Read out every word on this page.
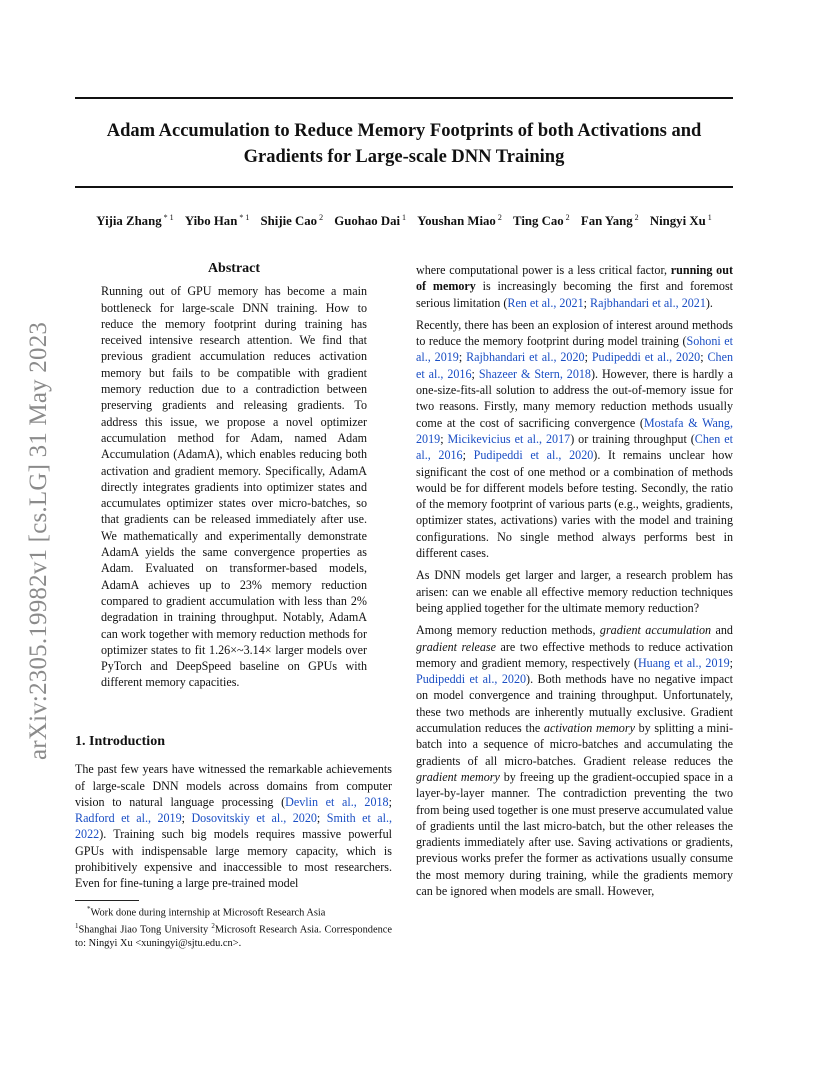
Adam Accumulation to Reduce Memory Footprints of both Activations and Gradients for Large-scale DNN Training
Yijia Zhang $^{* 1}$ Yibo Han $^{* 1}$ Shijie Cao $^2$ Guohao Dai $^1$ Youshan Miao $^2$ Ting Cao $^2$ Fan Yang $^2$ Ningyi Xu $^1$
arXiv:2305.19982v1 [cs.LG] 31 May 2023
Abstract

Running out of GPU memory has become a main bottleneck for large-scale DNN training. How to reduce the memory footprint during training has received intensive research attention. We find that previous gradient accumulation reduces activation memory but fails to be compatible with gradient memory reduction due to a contradiction between preserving gradients and releasing gradients. To address this issue, we propose a novel optimizer accumulation method for Adam, named Adam Accumulation (AdamA), which enables reducing both activation and gradient memory. Specifically, AdamA directly integrates gradients into optimizer states and accumulates optimizer states over micro-batches, so that gradients can be released immediately after use. We mathematically and experimentally demonstrate AdamA yields the same convergence properties as Adam. Evaluated on transformer-based models, AdamA achieves up to 23% memory reduction compared to gradient accumulation with less than 2% degradation in training throughput. Notably, AdamA can work together with memory reduction methods for optimizer states to fit 1.26×~3.14× larger models over PyTorch and DeepSpeed baseline on GPUs with different memory capacities.

1. Introduction

The past few years have witnessed the remarkable achievements of large-scale DNN models across domains from computer vision to natural language processing (Devlin et al., 2018; Radford et al., 2019; Dosovitskiy et al., 2020; Smith et al., 2022). Training such big models requires massive powerful GPUs with indispensable large memory capacity, which is prohibitively expensive and inaccessible to most researchers. Even for fine-tuning a large pre-trained model

*Work done during internship at Microsoft Research Asia
$^1$Shanghai Jiao Tong University $^2$Microsoft Research Asia. Correspondence to: Ningyi Xu <xuningyi@sjtu.edu.cn>.

where computational power is a less critical factor, running out of memory is increasingly becoming the first and foremost serious limitation (Ren et al., 2021; Rajbhandari et al., 2021).

Recently, there has been an explosion of interest around methods to reduce the memory footprint during model training (Sohoni et al., 2019; Rajbhandari et al., 2020; Pudipeddi et al., 2020; Chen et al., 2016; Shazeer & Stern, 2018). However, there is hardly a one-size-fits-all solution to address the out-of-memory issue for two reasons. Firstly, many memory reduction methods usually come at the cost of sacrificing convergence (Mostafa & Wang, 2019; Micikevicius et al., 2017) or training throughput (Chen et al., 2016; Pudipeddi et al., 2020). It remains unclear how significant the cost of one method or a combination of methods would be for different models before testing. Secondly, the ratio of the memory footprint of various parts (e.g., weights, gradients, optimizer states, activations) varies with the model and training configurations. No single method always performs best in different cases.

As DNN models get larger and larger, a research problem has arisen: can we enable all effective memory reduction techniques being applied together for the ultimate memory reduction?

Among memory reduction methods, gradient accumulation and gradient release are two effective methods to reduce activation memory and gradient memory, respectively (Huang et al., 2019; Pudipeddi et al., 2020). Both methods have no negative impact on model convergence and training throughput. Unfortunately, these two methods are inherently mutually exclusive. Gradient accumulation reduces the activation memory by splitting a mini-batch into a sequence of micro-batches and accumulating the gradients of all micro-batches. Gradient release reduces the gradient memory by freeing up the gradient-occupied space in a layer-by-layer manner. The contradiction preventing the two from being used together is one must preserve accumulated value of gradients until the last micro-batch, but the other releases the gradients immediately after use. Saving activations or gradients, previous works prefer the former as activations usually consume the most memory during training, while the gradients memory can be ignored when models are small. However,
